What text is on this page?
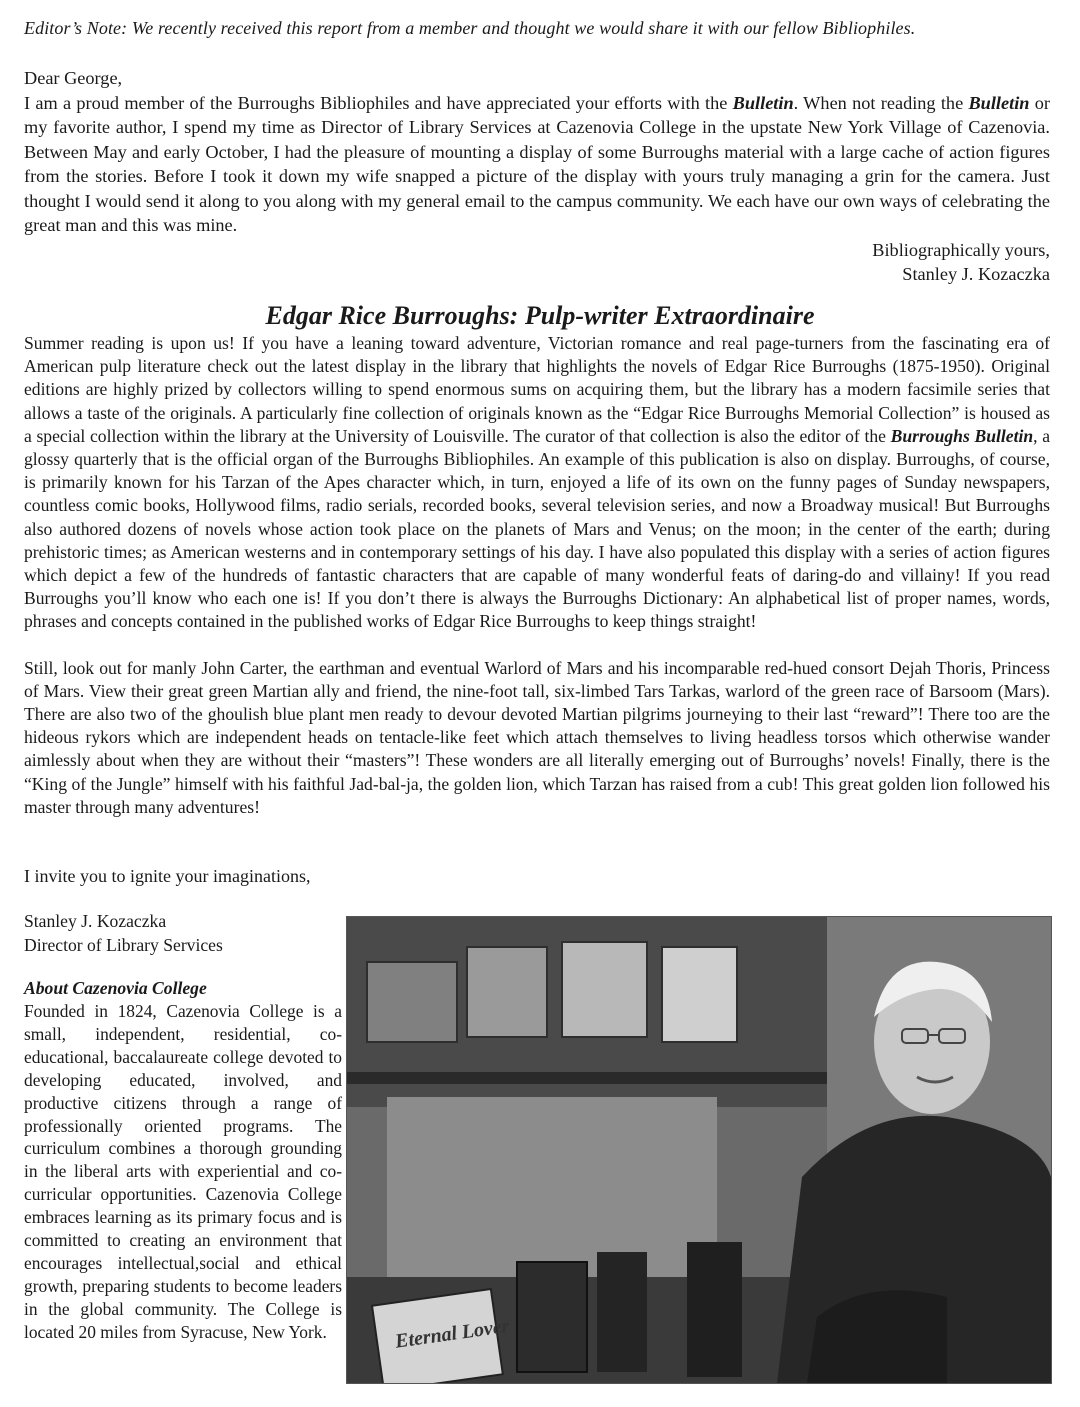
Editor’s Note: We recently received this report from a member and thought we would share it with our fellow Bibliophiles.

Dear George,

I am a proud member of the Burroughs Bibliophiles and have appreciated your efforts with the Bulletin. When not reading the Bulletin or my favorite author, I spend my time as Director of Library Services at Cazenovia College in the upstate New York Village of Cazenovia. Between May and early October, I had the pleasure of mounting a display of some Burroughs material with a large cache of action figures from the stories. Before I took it down my wife snapped a picture of the display with yours truly managing a grin for the camera. Just thought I would send it along to you along with my general email to the campus community. We each have our own ways of celebrating the great man and this was mine.

Bibliographically yours,

Stanley J. Kozaczka

Edgar Rice Burroughs: Pulp-writer Extraordinaire

Summer reading is upon us! If you have a leaning toward adventure, Victorian romance and real page-turners from the fascinating era of American pulp literature check out the latest display in the library that highlights the novels of Edgar Rice Burroughs (1875-1950). Original editions are highly prized by collectors willing to spend enormous sums on acquiring them, but the library has a modern facsimile series that allows a taste of the originals. A particularly fine collection of originals known as the “Edgar Rice Burroughs Memorial Collection” is housed as a special collection within the library at the University of Louisville. The curator of that collection is also the editor of the Burroughs Bulletin, a glossy quarterly that is the official organ of the Burroughs Bibliophiles. An example of this publication is also on display. Burroughs, of course, is primarily known for his Tarzan of the Apes character which, in turn, enjoyed a life of its own on the funny pages of Sunday newspapers, countless comic books, Hollywood films, radio serials, recorded books, several television series, and now a Broadway musical! But Burroughs also authored dozens of novels whose action took place on the planets of Mars and Venus; on the moon; in the center of the earth; during prehistoric times; as American westerns and in contemporary settings of his day. I have also populated this display with a series of action figures which depict a few of the hundreds of fantastic characters that are capable of many wonderful feats of daring-do and villainy! If you read Burroughs you’ll know who each one is! If you don’t there is always the Burroughs Dictionary: An alphabetical list of proper names, words, phrases and concepts contained in the published works of Edgar Rice Burroughs to keep things straight!

Still, look out for manly John Carter, the earthman and eventual Warlord of Mars and his incomparable red-hued consort Dejah Thoris, Princess of Mars. View their great green Martian ally and friend, the nine-foot tall, six-limbed Tars Tarkas, warlord of the green race of Barsoom (Mars). There are also two of the ghoulish blue plant men ready to devour devoted Martian pilgrims journeying to their last “reward”! There too are the hideous rykors which are independent heads on tentacle-like feet which attach themselves to living headless torsos which otherwise wander aimlessly about when they are without their “masters”! These wonders are all literally emerging out of Burroughs’ novels! Finally, there is the “King of the Jungle” himself with his faithful Jad-bal-ja, the golden lion, which Tarzan has raised from a cub! This great golden lion followed his master through many adventures!

I invite you to ignite your imaginations,
Stanley J. Kozaczka
Director of Library Services
About Cazenovia College

Founded in 1824, Cazenovia College is a small, independent, residential, co-educational, baccalaureate college devoted to developing educated, involved, and productive citizens through a range of professionally oriented programs. The curriculum combines a thorough grounding in the liberal arts with experiential and co-curricular opportunities. Cazenovia College embraces learning as its primary focus and is committed to creating an environment that encourages intellectual,social and ethical growth, preparing students to become leaders in the global community. The College is located 20 miles from Syracuse, New York.	Eternal Lover
